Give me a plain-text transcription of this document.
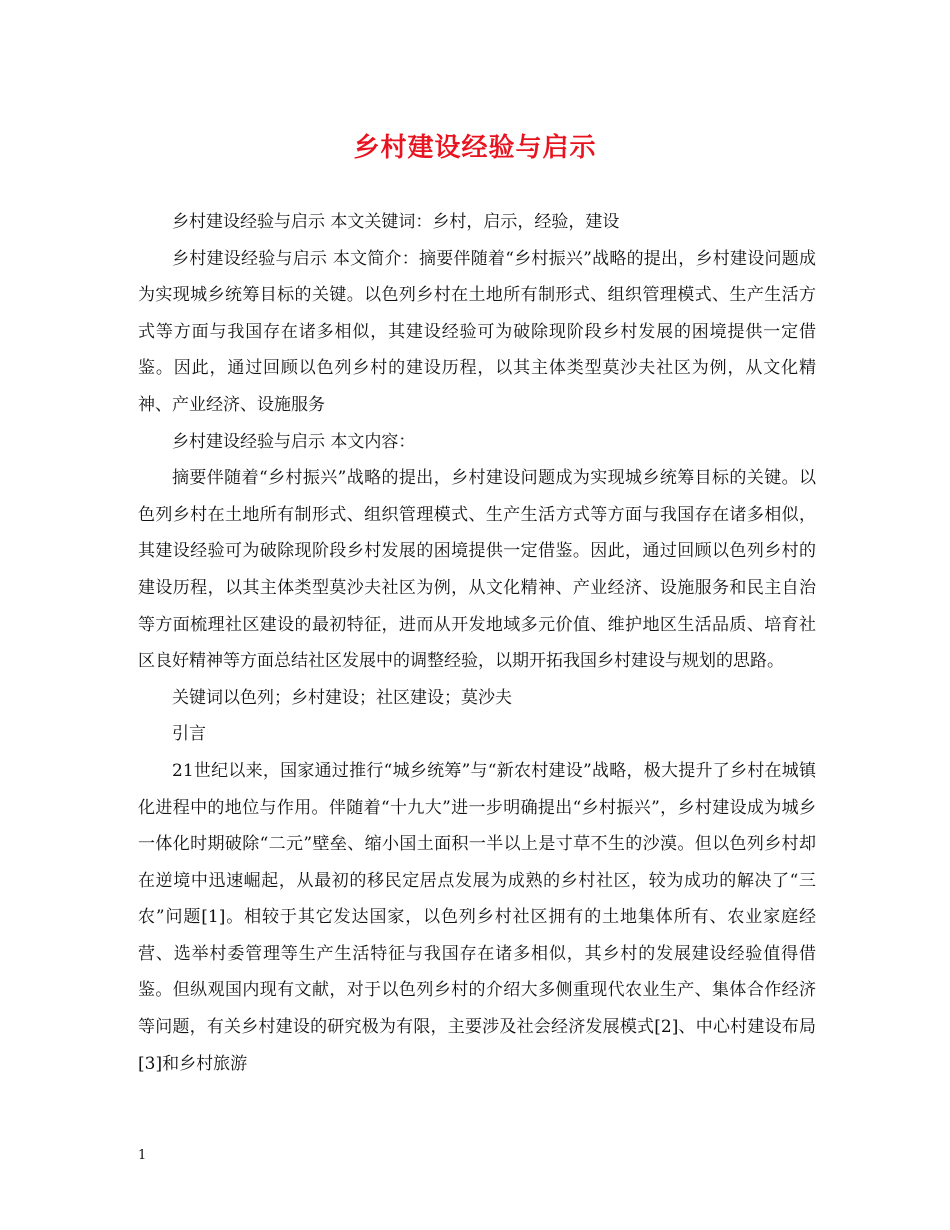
乡村建设经验与启示

乡村建设经验与启示 本文关键词：乡村，启示，经验，建设

乡村建设经验与启示 本文简介：摘要伴随着“乡村振兴”战略的提出，乡村建设问题成为实现城乡统筹目标的关键。以色列乡村在土地所有制形式、组织管理模式、生产生活方式等方面与我国存在诸多相似，其建设经验可为破除现阶段乡村发展的困境提供一定借鉴。因此，通过回顾以色列乡村的建设历程，以其主体类型莫沙夫社区为例，从文化精神、产业经济、设施服务

乡村建设经验与启示 本文内容：

摘要伴随着“乡村振兴”战略的提出，乡村建设问题成为实现城乡统筹目标的关键。以色列乡村在土地所有制形式、组织管理模式、生产生活方式等方面与我国存在诸多相似，其建设经验可为破除现阶段乡村发展的困境提供一定借鉴。因此，通过回顾以色列乡村的建设历程，以其主体类型莫沙夫社区为例，从文化精神、产业经济、设施服务和民主自治等方面梳理社区建设的最初特征，进而从开发地域多元价值、维护地区生活品质、培育社区良好精神等方面总结社区发展中的调整经验，以期开拓我国乡村建设与规划的思路。

关键词以色列；乡村建设；社区建设；莫沙夫

引言

21世纪以来，国家通过推行“城乡统筹”与“新农村建设”战略，极大提升了乡村在城镇化进程中的地位与作用。伴随着“十九大”进一步明确提出“乡村振兴”，乡村建设成为城乡一体化时期破除“二元”壁垒、缩小国土面积一半以上是寸草不生的沙漠。但以色列乡村却在逆境中迅速崛起，从最初的移民定居点发展为成熟的乡村社区，较为成功的解决了“三农”问题[1]。相较于其它发达国家，以色列乡村社区拥有的土地集体所有、农业家庭经营、选举村委管理等生产生活特征与我国存在诸多相似，其乡村的发展建设经验值得借鉴。但纵观国内现有文献，对于以色列乡村的介绍大多侧重现代农业生产、集体合作经济等问题，有关乡村建设的研究极为有限，主要涉及社会经济发展模式[2]、中心村建设布局[3]和乡村旅游

1
